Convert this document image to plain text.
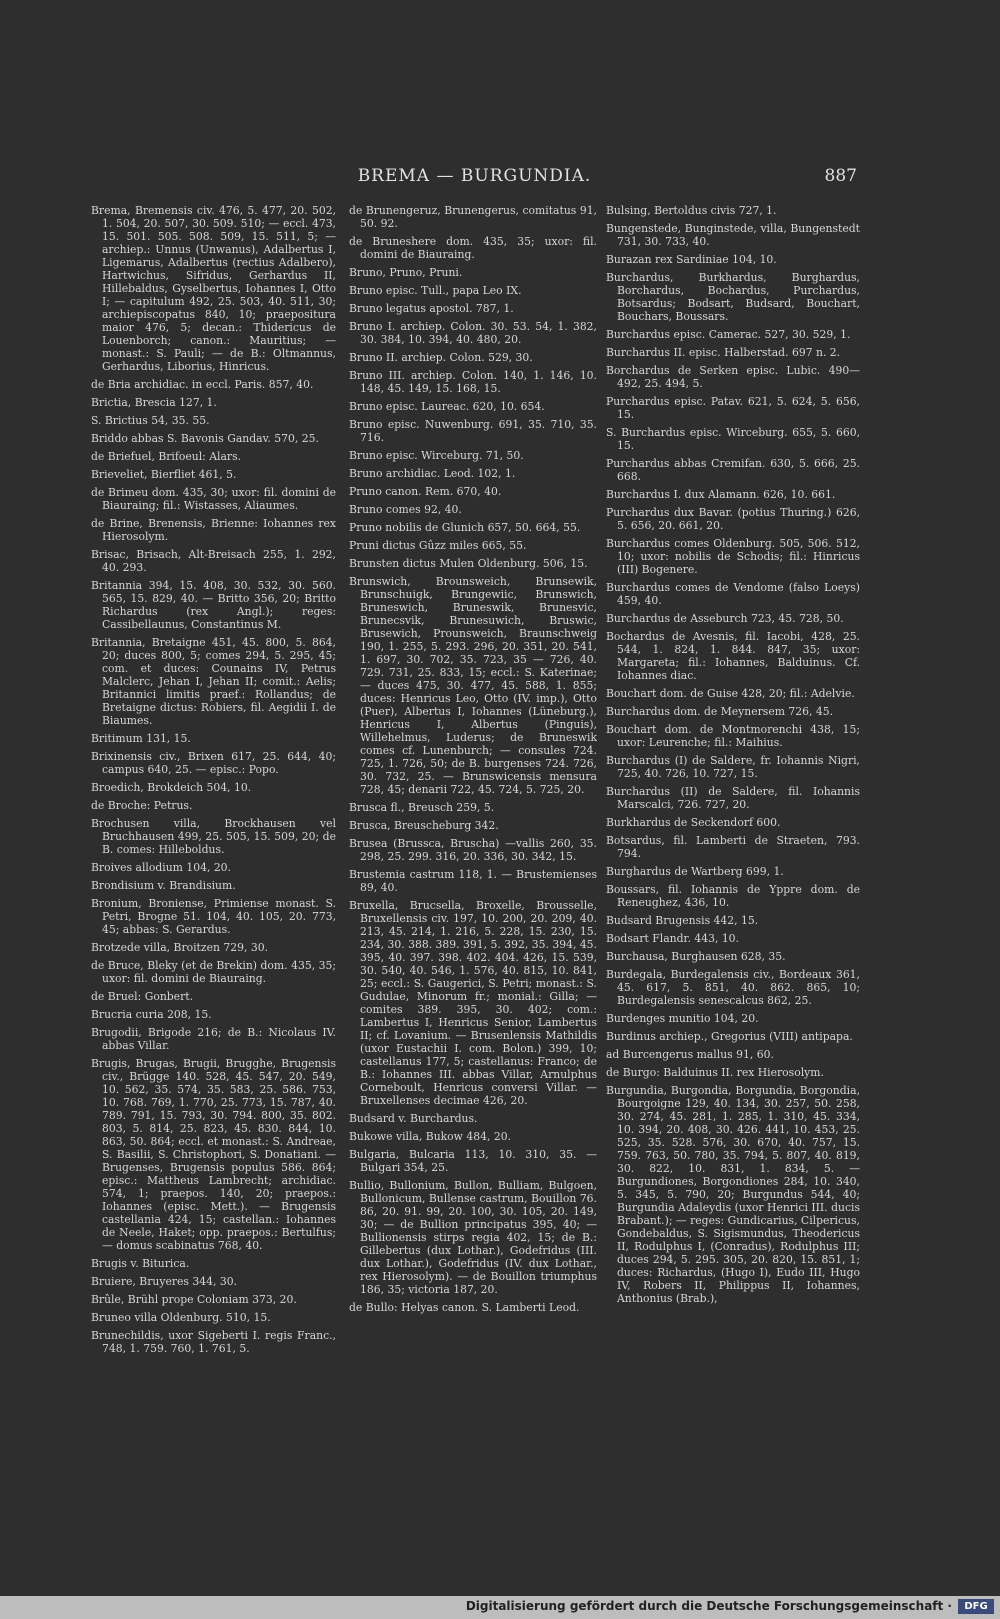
BREMA — BURGUNDIA.	887

Brema, Bremensis civ. 476, 5. 477, 20. 502, 1. 504, 20. 507, 30. 509. 510; — eccl. 473, 15. 501. 505. 508. 509, 15. 511, 5; — archiep.: Unnus (Unwanus), Adalbertus I, Ligemarus, Adalbertus (rectius Adalbero), Hartwichus, Sifridus, Gerhardus II, Hillebaldus, Gyselbertus, Iohannes I, Otto I; — capitulum 492, 25. 503, 40. 511, 30; archiepiscopatus 840, 10; praepositura maior 476, 5; decan.: Thidericus de Louenborch; canon.: Mauritius; — monast.: S. Pauli; — de B.: Oltmannus, Gerhardus, Liborius, Hinricus.

de Bria archidiac. in eccl. Paris. 857, 40.

Brictia, Brescia 127, 1.

S. Brictius 54, 35. 55.

Briddo abbas S. Bavonis Gandav. 570, 25.

de Briefuel, Brifoeul: Alars.

Brieveliet, Bierfliet 461, 5.

de Brimeu dom. 435, 30; uxor: fil. domini de Biauraing; fil.: Wistasses, Aliaumes.

de Brine, Brenensis, Brienne: Iohannes rex Hierosolym.

Brisac, Brisach, Alt-Breisach 255, 1. 292, 40. 293.

Britannia 394, 15. 408, 30. 532, 30. 560. 565, 15. 829, 40. — Britto 356, 20; Britto Richardus (rex Angl.); reges: Cassibellaunus, Constantinus M.

Britannia, Bretaigne 451, 45. 800, 5. 864, 20; duces 800, 5; comes 294, 5. 295, 45; com. et duces: Counains IV, Petrus Malclerc, Jehan I, Jehan II; comit.: Aelis; Britannici limitis praef.: Rollandus; de Bretaigne dictus: Robiers, fil. Aegidii I. de Biaumes.

Britimum 131, 15.

Brixinensis civ., Brixen 617, 25. 644, 40; campus 640, 25. — episc.: Popo.

Broedich, Brokdeich 504, 10.

de Broche: Petrus.

Brochusen villa, Brockhausen vel Bruchhausen 499, 25. 505, 15. 509, 20; de B. comes: Hilleboldus.

Broives allodium 104, 20.

Brondisium v. Brandisium.

Bronium, Broniense, Primiense monast. S. Petri, Brogne 51. 104, 40. 105, 20. 773, 45; abbas: S. Gerardus.

Brotzede villa, Broitzen 729, 30.

de Bruce, Bleky (et de Brekin) dom. 435, 35; uxor: fil. domini de Biauraing.

de Bruel: Gonbert.

Brucria curia 208, 15.

Brugodii, Brigode 216; de B.: Nicolaus IV. abbas Villar.

Brugis, Brugas, Brugii, Brugghe, Brugensis civ., Brügge 140. 528, 45. 547, 20. 549, 10. 562, 35. 574, 35. 583, 25. 586. 753, 10. 768. 769, 1. 770, 25. 773, 15. 787, 40. 789. 791, 15. 793, 30. 794. 800, 35. 802. 803, 5. 814, 25. 823, 45. 830. 844, 10. 863, 50. 864; eccl. et monast.: S. Andreae, S. Basilii, S. Christophori, S. Donatiani. — Brugenses, Brugensis populus 586. 864; episc.: Mattheus Lambrecht; archidiac. 574, 1; praepos. 140, 20; praepos.: Iohannes (episc. Mett.). — Brugensis castellania 424, 15; castellan.: Iohannes de Neele, Haket; opp. praepos.: Bertulfus; — domus scabinatus 768, 40.

Brugis v. Biturica.

Bruiere, Bruyeres 344, 30.

Brûle, Brühl prope Coloniam 373, 20.

Bruneo villa Oldenburg. 510, 15.

Brunechildis, uxor Sigeberti I. regis Franc., 748, 1. 759. 760, 1. 761, 5.

de Brunengeruz, Brunengerus, comitatus 91, 50. 92.

de Bruneshere dom. 435, 35; uxor: fil. domini de Biauraing.

Bruno, Pruno, Pruni.

Bruno episc. Tull., papa Leo IX.

Bruno legatus apostol. 787, 1.

Bruno I. archiep. Colon. 30. 53. 54, 1. 382, 30. 384, 10. 394, 40. 480, 20.

Bruno II. archiep. Colon. 529, 30.

Bruno III. archiep. Colon. 140, 1. 146, 10. 148, 45. 149, 15. 168, 15.

Bruno episc. Laureac. 620, 10. 654.

Bruno episc. Nuwenburg. 691, 35. 710, 35. 716.

Bruno episc. Wirceburg. 71, 50.

Bruno archidiac. Leod. 102, 1.

Pruno canon. Rem. 670, 40.

Bruno comes 92, 40.

Pruno nobilis de Glunich 657, 50. 664, 55.

Pruni dictus Gûzz miles 665, 55.

Brunsten dictus Mulen Oldenburg. 506, 15.

Brunswich, Brounsweich, Brunsewik, Brunschuigk, Brungewiic, Brunswich, Bruneswich, Bruneswik, Brunesvic, Brunecsvik, Brunesuwich, Bruswic, Brusewich, Prounsweich, Braunschweig 190, 1. 255, 5. 293. 296, 20. 351, 20. 541, 1. 697, 30. 702, 35. 723, 35 — 726, 40. 729. 731, 25. 833, 15; eccl.: S. Katerinae; — duces 475, 30. 477, 45. 588, 1. 855; duces: Henricus Leo, Otto (IV. imp.), Otto (Puer), Albertus I, Iohannes (Lüneburg.), Henricus I, Albertus (Pinguis), Willehelmus, Luderus; de Bruneswik comes cf. Lunenburch; — consules 724. 725, 1. 726, 50; de B. burgenses 724. 726, 30. 732, 25. — Brunswicensis mensura 728, 45; denarii 722, 45. 724, 5. 725, 20.

Brusca fl., Breusch 259, 5.

Brusca, Breuscheburg 342.

Brusea (Brussca, Bruscha) —vallis 260, 35. 298, 25. 299. 316, 20. 336, 30. 342, 15.

Brustemia castrum 118, 1. — Brustemienses 89, 40.

Bruxella, Brucsella, Broxelle, Brousselle, Bruxellensis civ. 197, 10. 200, 20. 209, 40. 213, 45. 214, 1. 216, 5. 228, 15. 230, 15. 234, 30. 388. 389. 391, 5. 392, 35. 394, 45. 395, 40. 397. 398. 402. 404. 426, 15. 539, 30. 540, 40. 546, 1. 576, 40. 815, 10. 841, 25; eccl.: S. Gaugerici, S. Petri; monast.: S. Gudulae, Minorum fr.; monial.: Gilla; — comites 389. 395, 30. 402; com.: Lambertus I, Henricus Senior, Lambertus II; cf. Lovanium. — Brusenlensis Mathildis (uxor Eustachii I. com. Bolon.) 399, 10; castellanus 177, 5; castellanus: Franco; de B.: Iohannes III. abbas Villar, Arnulphus Corneboult, Henricus conversi Villar. — Bruxellenses decimae 426, 20.

Budsard v. Burchardus.

Bukowe villa, Bukow 484, 20.

Bulgaria, Bulcaria 113, 10. 310, 35. — Bulgari 354, 25.

Bullio, Bullonium, Bullon, Bulliam, Bulgoen, Bullonicum, Bullense castrum, Bouillon 76. 86, 20. 91. 99, 20. 100, 30. 105, 20. 149, 30; — de Bullion principatus 395, 40; — Bullionensis stirps regia 402, 15; de B.: Gillebertus (dux Lothar.), Godefridus (III. dux Lothar.), Godefridus (IV. dux Lothar., rex Hierosolym). — de Bouillon triumphus 186, 35; victoria 187, 20.

de Bullo: Helyas canon. S. Lamberti Leod.

Bulsing, Bertoldus civis 727, 1.

Bungenstede, Bunginstede, villa, Bungenstedt 731, 30. 733, 40.

Burazan rex Sardiniae 104, 10.

Burchardus, Burkhardus, Burghardus, Borchardus, Bochardus, Purchardus, Botsardus; Bodsart, Budsard, Bouchart, Bouchars, Boussars.

Burchardus episc. Camerac. 527, 30. 529, 1.

Burchardus II. episc. Halberstad. 697 n. 2.

Borchardus de Serken episc. Lubic. 490—492, 25. 494, 5.

Purchardus episc. Patav. 621, 5. 624, 5. 656, 15.

S. Burchardus episc. Wirceburg. 655, 5. 660, 15.

Purchardus abbas Cremifan. 630, 5. 666, 25. 668.

Burchardus I. dux Alamann. 626, 10. 661.

Purchardus dux Bavar. (potius Thuring.) 626, 5. 656, 20. 661, 20.

Burchardus comes Oldenburg. 505, 506. 512, 10; uxor: nobilis de Schodis; fil.: Hinricus (III) Bogenere.

Burchardus comes de Vendome (falso Loeys) 459, 40.

Burchardus de Asseburch 723, 45. 728, 50.

Bochardus de Avesnis, fil. Iacobi, 428, 25. 544, 1. 824, 1. 844. 847, 35; uxor: Margareta; fil.: Iohannes, Balduinus. Cf. Iohannes diac.

Bouchart dom. de Guise 428, 20; fil.: Adelvie.

Burchardus dom. de Meynersem 726, 45.

Bouchart dom. de Montmorenchi 438, 15; uxor: Leurenche; fil.: Maihius.

Burchardus (I) de Saldere, fr. Iohannis Nigri, 725, 40. 726, 10. 727, 15.

Burchardus (II) de Saldere, fil. Iohannis Marscalci, 726. 727, 20.

Burkhardus de Seckendorf 600.

Botsardus, fil. Lamberti de Straeten, 793. 794.

Burghardus de Wartberg 699, 1.

Boussars, fil. Iohannis de Yppre dom. de Reneughez, 436, 10.

Budsard Brugensis 442, 15.

Bodsart Flandr. 443, 10.

Burchausa, Burghausen 628, 35.

Burdegala, Burdegalensis civ., Bordeaux 361, 45. 617, 5. 851, 40. 862. 865, 10; Burdegalensis senescalcus 862, 25.

Burdenges munitio 104, 20.

Burdinus archiep., Gregorius (VIII) antipapa.

ad Burcengerus mallus 91, 60.

de Burgo: Balduinus II. rex Hierosolym.

Burgundia, Burgondia, Borgundia, Borgondia, Bourgoigne 129, 40. 134, 30. 257, 50. 258, 30. 274, 45. 281, 1. 285, 1. 310, 45. 334, 10. 394, 20. 408, 30. 426. 441, 10. 453, 25. 525, 35. 528. 576, 30. 670, 40. 757, 15. 759. 763, 50. 780, 35. 794, 5. 807, 40. 819, 30. 822, 10. 831, 1. 834, 5. — Burgundiones, Borgondiones 284, 10. 340, 5. 345, 5. 790, 20; Burgundus 544, 40; Burgundia Adaleydis (uxor Henrici III. ducis Brabant.); — reges: Gundicarius, Cilpericus, Gondebaldus, S. Sigismundus, Theodericus II, Rodulphus I, (Conradus), Rodulphus III; duces 294, 5. 295. 305, 20. 820, 15. 851, 1; duces: Richardus, (Hugo I), Eudo III, Hugo IV, Robers II, Philippus II, Iohannes, Anthonius (Brab.),

Digitalisierung gefördert durch die Deutsche Forschungsgemeinschaft ·	DFG
